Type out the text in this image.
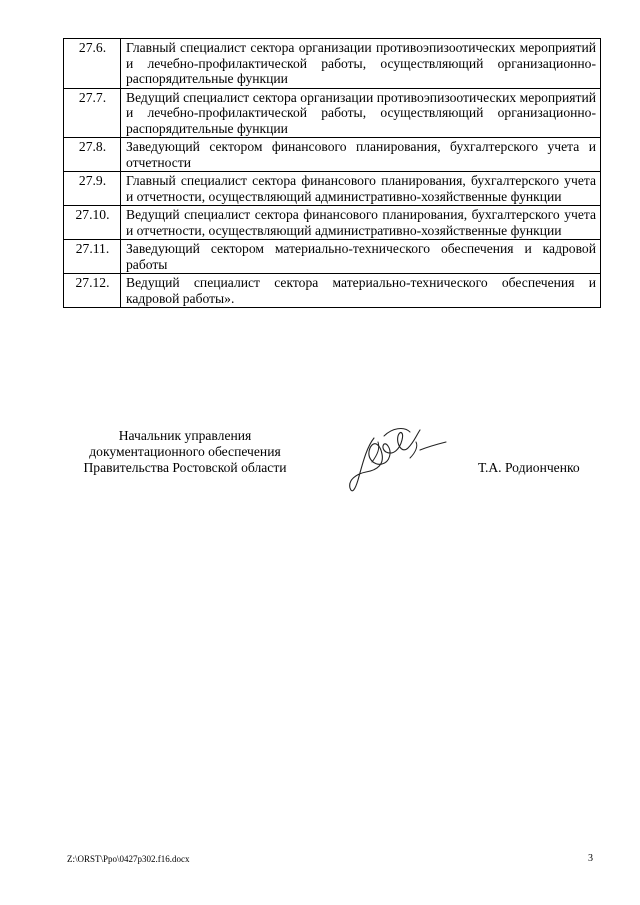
27.6.	Главный специалист сектора организации противоэпизоотических мероприятий и лечебно-профилактической работы, осуществляющий организационно-распорядительные функции
27.7.	Ведущий специалист сектора организации противоэпизоотических мероприятий и лечебно-профилактической работы, осуществляющий организационно-распорядительные функции
27.8.	Заведующий сектором финансового планирования, бухгалтерского учета и отчетности
27.9.	Главный специалист сектора финансового планирования, бухгалтерского учета и отчетности, осуществляющий административно-хозяйственные функции
27.10.	Ведущий специалист сектора финансового планирования, бухгалтерского учета и отчетности, осуществляющий административно-хозяйственные функции
27.11.	Заведующий сектором материально-технического обеспечения и кадровой работы
27.12.	Ведущий специалист сектора материально-технического обеспечения и кадровой работы».
Начальник управления
документационного обеспечения
Правительства Ростовской области	Т.А. Родионченко
Z:\ORST\Ppo\0427p302.f16.docx	3
